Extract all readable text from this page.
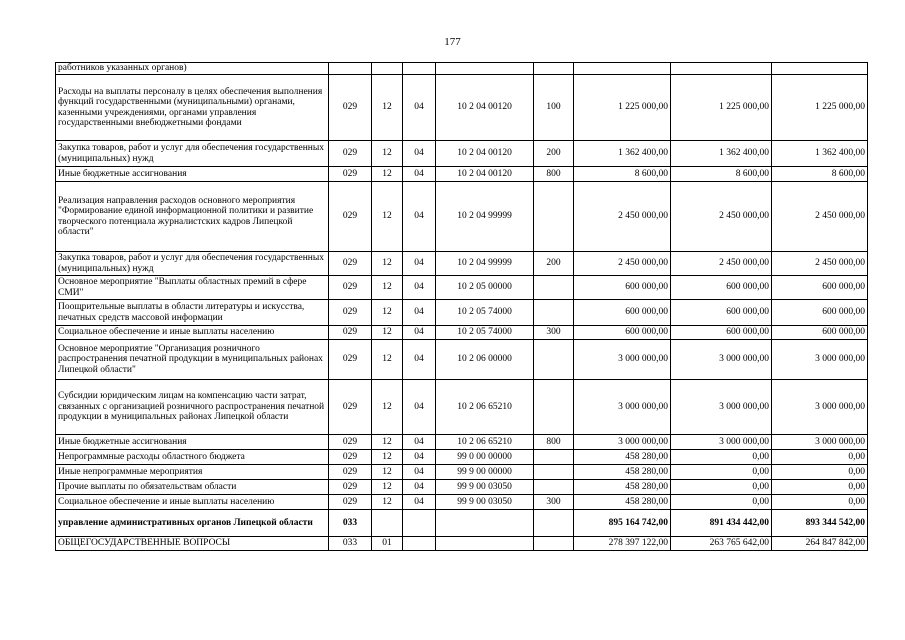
177
работников указанных органов)								
Расходы на выплаты персоналу в целях обеспечения выполнения функций государственными (муниципальными) органами, казенными учреждениями, органами управления государственными внебюджетными фондами	029	12	04	10 2 04 00120	100	1 225 000,00	1 225 000,00	1 225 000,00
Закупка товаров, работ и услуг для обеспечения государственных (муниципальных) нужд	029	12	04	10 2 04 00120	200	1 362 400,00	1 362 400,00	1 362 400,00
Иные бюджетные ассигнования	029	12	04	10 2 04 00120	800	8 600,00	8 600,00	8 600,00
Реализация направления расходов основного мероприятия "Формирование единой информационной политики и развитие творческого потенциала журналистских кадров Липецкой области"	029	12	04	10 2 04 99999		2 450 000,00	2 450 000,00	2 450 000,00
Закупка товаров, работ и услуг для обеспечения государственных (муниципальных) нужд	029	12	04	10 2 04 99999	200	2 450 000,00	2 450 000,00	2 450 000,00
Основное мероприятие "Выплаты областных премий в сфере СМИ"	029	12	04	10 2 05 00000		600 000,00	600 000,00	600 000,00
Поощрительные выплаты в области литературы и искусства, печатных средств массовой информации	029	12	04	10 2 05 74000		600 000,00	600 000,00	600 000,00
Социальное обеспечение и иные выплаты населению	029	12	04	10 2 05 74000	300	600 000,00	600 000,00	600 000,00
Основное мероприятие "Организация розничного распространения печатной продукции в муниципальных районах Липецкой области"	029	12	04	10 2 06 00000		3 000 000,00	3 000 000,00	3 000 000,00
Субсидии юридическим лицам на компенсацию части затрат, связанных с организацией розничного распространения печатной продукции в муниципальных районах Липецкой области	029	12	04	10 2 06 65210		3 000 000,00	3 000 000,00	3 000 000,00
Иные бюджетные ассигнования	029	12	04	10 2 06 65210	800	3 000 000,00	3 000 000,00	3 000 000,00
Непрограммные расходы областного бюджета	029	12	04	99 0 00 00000		458 280,00	0,00	0,00
Иные непрограммные мероприятия	029	12	04	99 9 00 00000		458 280,00	0,00	0,00
Прочие выплаты по обязательствам области	029	12	04	99 9 00 03050		458 280,00	0,00	0,00
Социальное обеспечение и иные выплаты населению	029	12	04	99 9 00 03050	300	458 280,00	0,00	0,00
управление административных органов Липецкой области	033					895 164 742,00	891 434 442,00	893 344 542,00
ОБЩЕГОСУДАРСТВЕННЫЕ ВОПРОСЫ	033	01				278 397 122,00	263 765 642,00	264 847 842,00
